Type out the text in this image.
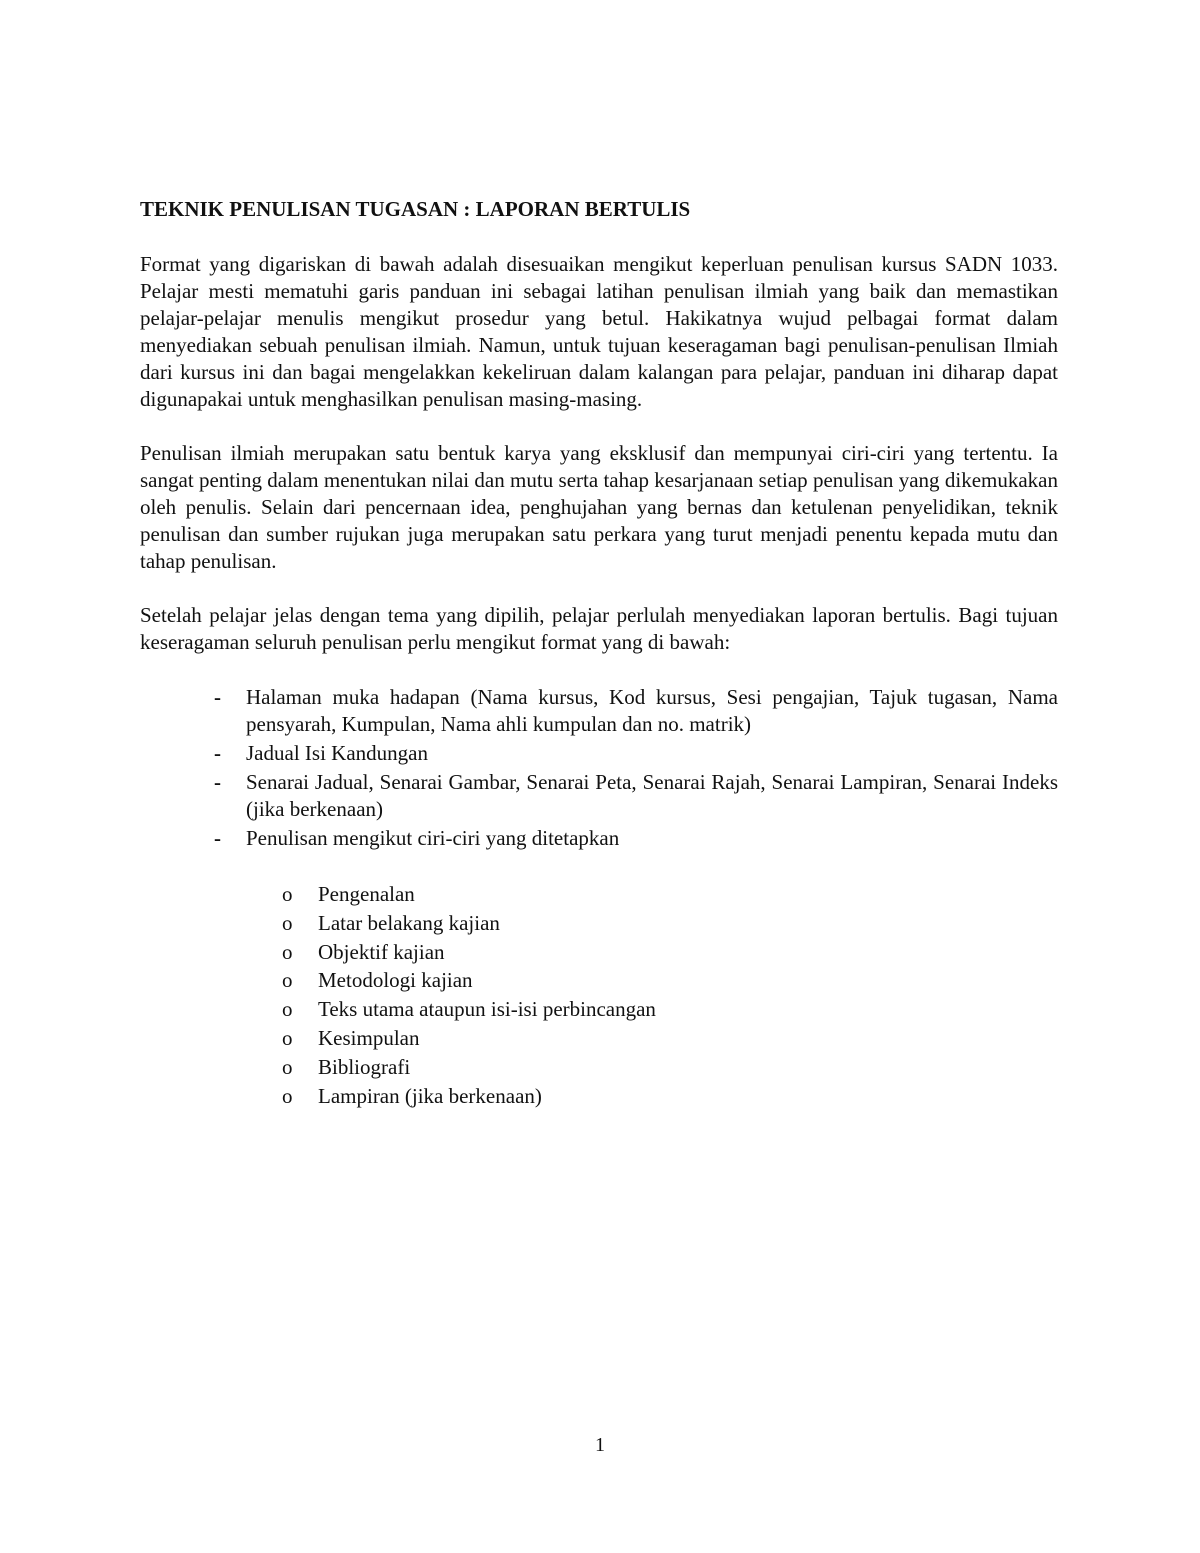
TEKNIK PENULISAN TUGASAN : LAPORAN BERTULIS

Format yang digariskan di bawah adalah disesuaikan mengikut keperluan penulisan kursus SADN 1033. Pelajar mesti mematuhi garis panduan ini sebagai latihan penulisan ilmiah yang baik dan memastikan pelajar-pelajar menulis mengikut prosedur yang betul. Hakikatnya wujud pelbagai format dalam menyediakan sebuah penulisan ilmiah. Namun, untuk tujuan keseragaman bagi penulisan-penulisan Ilmiah dari kursus ini dan bagai mengelakkan kekeliruan dalam kalangan para pelajar, panduan ini diharap dapat digunapakai untuk menghasilkan penulisan masing-masing.

Penulisan ilmiah merupakan satu bentuk karya yang eksklusif dan mempunyai ciri-ciri yang tertentu. Ia sangat penting dalam menentukan nilai dan mutu serta tahap kesarjanaan setiap penulisan yang dikemukakan oleh penulis. Selain dari pencernaan idea, penghujahan yang bernas dan ketulenan penyelidikan, teknik penulisan dan sumber rujukan juga merupakan satu perkara yang turut menjadi penentu kepada mutu dan tahap penulisan.

Setelah pelajar jelas dengan tema yang dipilih, pelajar perlulah menyediakan laporan bertulis. Bagi tujuan keseragaman seluruh penulisan perlu mengikut format yang di bawah:

- Halaman muka hadapan (Nama kursus, Kod kursus, Sesi pengajian, Tajuk tugasan, Nama pensyarah, Kumpulan, Nama ahli kumpulan dan no. matrik)
- Jadual Isi Kandungan
- Senarai Jadual, Senarai Gambar, Senarai Peta, Senarai Rajah, Senarai Lampiran, Senarai Indeks (jika berkenaan)
- Penulisan mengikut ciri-ciri yang ditetapkan
o Pengenalan
o Latar belakang kajian
o Objektif kajian
o Metodologi kajian
o Teks utama ataupun isi-isi perbincangan
o Kesimpulan
o Bibliografi
o Lampiran (jika berkenaan)
1
